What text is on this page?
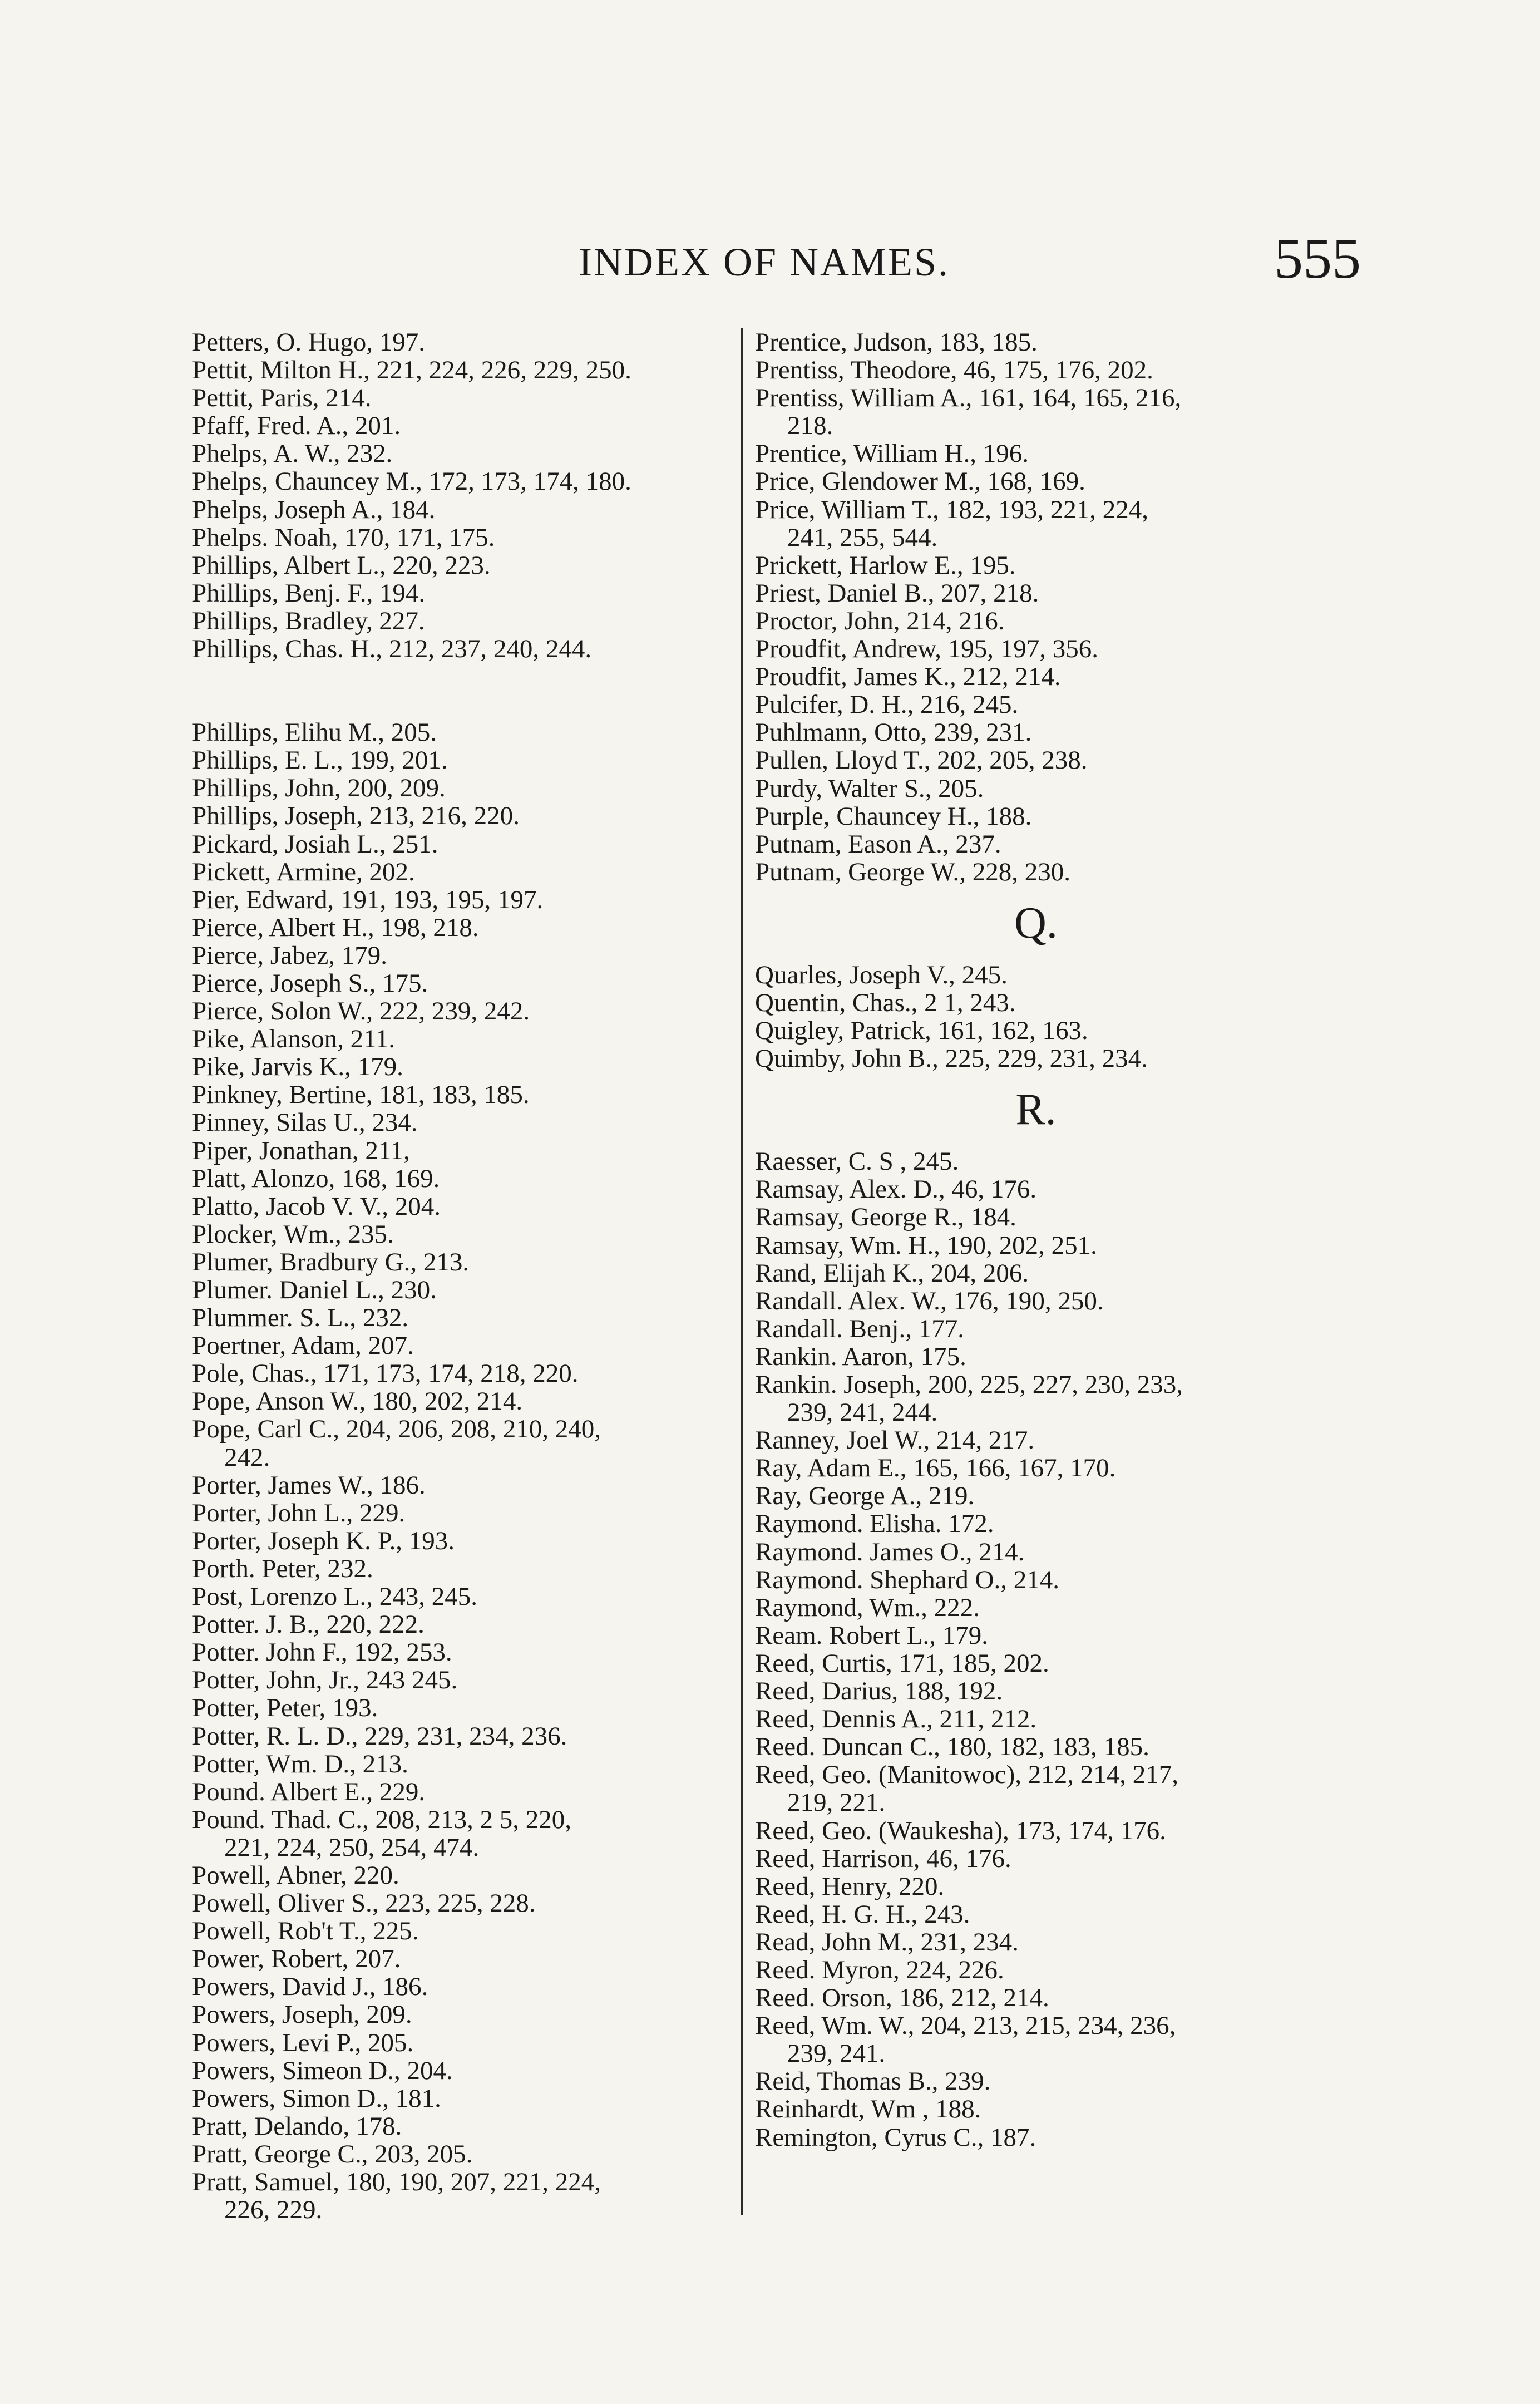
INDEX OF NAMES.	555
Petters, O. Hugo, 197.
Pettit, Milton H., 221, 224, 226, 229, 250.
Pettit, Paris, 214.
Pfaff, Fred. A., 201.
Phelps, A. W., 232.
Phelps, Chauncey M., 172, 173, 174, 180.
Phelps, Joseph A., 184.
Phelps. Noah, 170, 171, 175.
Phillips, Albert L., 220, 223.
Phillips, Benj. F., 194.
Phillips, Bradley, 227.
Phillips, Chas. H., 212, 237, 240, 244.
Phillips, Elihu M., 205.
Phillips, E. L., 199, 201.
Phillips, John, 200, 209.
Phillips, Joseph, 213, 216, 220.
Pickard, Josiah L., 251.
Pickett, Armine, 202.
Pier, Edward, 191, 193, 195, 197.
Pierce, Albert H., 198, 218.
Pierce, Jabez, 179.
Pierce, Joseph S., 175.
Pierce, Solon W., 222, 239, 242.
Pike, Alanson, 211.
Pike, Jarvis K., 179.
Pinkney, Bertine, 181, 183, 185.
Pinney, Silas U., 234.
Piper, Jonathan, 211,
Platt, Alonzo, 168, 169.
Platto, Jacob V. V., 204.
Plocker, Wm., 235.
Plumer, Bradbury G., 213.
Plumer. Daniel L., 230.
Plummer. S. L., 232.
Poertner, Adam, 207.
Pole, Chas., 171, 173, 174, 218, 220.
Pope, Anson W., 180, 202, 214.
Pope, Carl C., 204, 206, 208, 210, 240,
242.
Porter, James W., 186.
Porter, John L., 229.
Porter, Joseph K. P., 193.
Porth. Peter, 232.
Post, Lorenzo L., 243, 245.
Potter. J. B., 220, 222.
Potter. John F., 192, 253.
Potter, John, Jr., 243 245.
Potter, Peter, 193.
Potter, R. L. D., 229, 231, 234, 236.
Potter, Wm. D., 213.
Pound. Albert E., 229.
Pound. Thad. C., 208, 213, 2 5, 220,
221, 224, 250, 254, 474.
Powell, Abner, 220.
Powell, Oliver S., 223, 225, 228.
Powell, Rob't T., 225.
Power, Robert, 207.
Powers, David J., 186.
Powers, Joseph, 209.
Powers, Levi P., 205.
Powers, Simeon D., 204.
Powers, Simon D., 181.
Pratt, Delando, 178.
Pratt, George C., 203, 205.
Pratt, Samuel, 180, 190, 207, 221, 224,
226, 229.
Prentice, Judson, 183, 185.
Prentiss, Theodore, 46, 175, 176, 202.
Prentiss, William A., 161, 164, 165, 216,
218.
Prentice, William H., 196.
Price, Glendower M., 168, 169.
Price, William T., 182, 193, 221, 224,
241, 255, 544.
Prickett, Harlow E., 195.
Priest, Daniel B., 207, 218.
Proctor, John, 214, 216.
Proudfit, Andrew, 195, 197, 356.
Proudfit, James K., 212, 214.
Pulcifer, D. H., 216, 245.
Puhlmann, Otto, 239, 231.
Pullen, Lloyd T., 202, 205, 238.
Purdy, Walter S., 205.
Purple, Chauncey H., 188.
Putnam, Eason A., 237.
Putnam, George W., 228, 230.
Q.
Quarles, Joseph V., 245.
Quentin, Chas., 2 1, 243.
Quigley, Patrick, 161, 162, 163.
Quimby, John B., 225, 229, 231, 234.
R.
Raesser, C. S , 245.
Ramsay, Alex. D., 46, 176.
Ramsay, George R., 184.
Ramsay, Wm. H., 190, 202, 251.
Rand, Elijah K., 204, 206.
Randall. Alex. W., 176, 190, 250.
Randall. Benj., 177.
Rankin. Aaron, 175.
Rankin. Joseph, 200, 225, 227, 230, 233,
239, 241, 244.
Ranney, Joel W., 214, 217.
Ray, Adam E., 165, 166, 167, 170.
Ray, George A., 219.
Raymond. Elisha. 172.
Raymond. James O., 214.
Raymond. Shephard O., 214.
Raymond, Wm., 222.
Ream. Robert L., 179.
Reed, Curtis, 171, 185, 202.
Reed, Darius, 188, 192.
Reed, Dennis A., 211, 212.
Reed. Duncan C., 180, 182, 183, 185.
Reed, Geo. (Manitowoc), 212, 214, 217,
219, 221.
Reed, Geo. (Waukesha), 173, 174, 176.
Reed, Harrison, 46, 176.
Reed, Henry, 220.
Reed, H. G. H., 243.
Read, John M., 231, 234.
Reed. Myron, 224, 226.
Reed. Orson, 186, 212, 214.
Reed, Wm. W., 204, 213, 215, 234, 236,
239, 241.
Reid, Thomas B., 239.
Reinhardt, Wm , 188.
Remington, Cyrus C., 187.
